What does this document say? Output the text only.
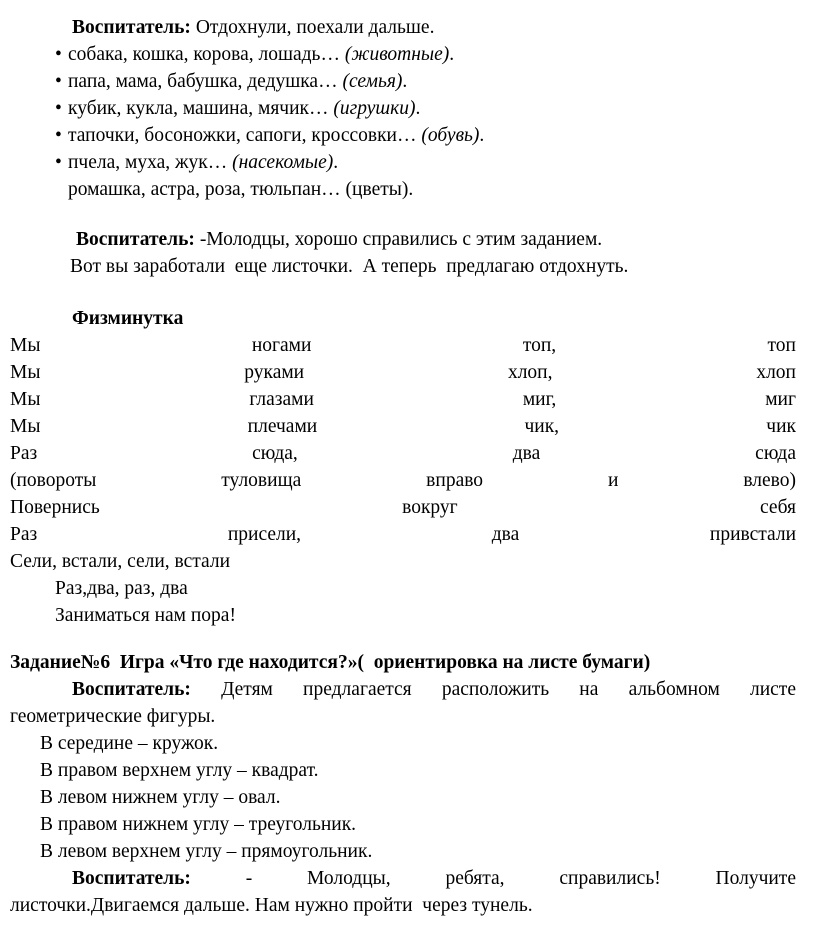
Воспитатель: Отдохнули, поехали дальше.
• собака, кошка, корова, лошадь… (животные).
• папа, мама, бабушка, дедушка… (семья).
• кубик, кукла, машина, мячик… (игрушки).
• тапочки, босоножки, сапоги, кроссовки… (обувь).
• пчела, муха, жук… (насекомые).
ромашка, астра, роза, тюльпан… (цветы).
Воспитатель: -Молодцы, хорошо справились с этим заданием.
Вот вы заработали  еще листочки.  А теперь  предлагаю отдохнуть.
Физминутка
Мы ногами топ, топ
Мы руками хлоп, хлоп
Мы глазами миг, миг
Мы плечами чик, чик
Раз сюда, два сюда
(повороты туловища вправо и влево)
Повернись вокруг себя
Раз присели, два привстали
Сели, встали, сели, встали
Раз,два, раз, два
Заниматься нам пора!
Задание№6  Игра «Что где находится?»(  ориентировка на листе бумаги)
Воспитатель: Детям предлагается расположить на альбомном листе
геометрические фигуры.
В середине – кружок.
В правом верхнем углу – квадрат.
В левом нижнем углу – овал.
В правом нижнем углу – треугольник.
В левом верхнем углу – прямоугольник.
Воспитатель: - Молодцы, ребята, справились! Получите
листочки.Двигаемся дальше. Нам нужно пройти  через тунель.
